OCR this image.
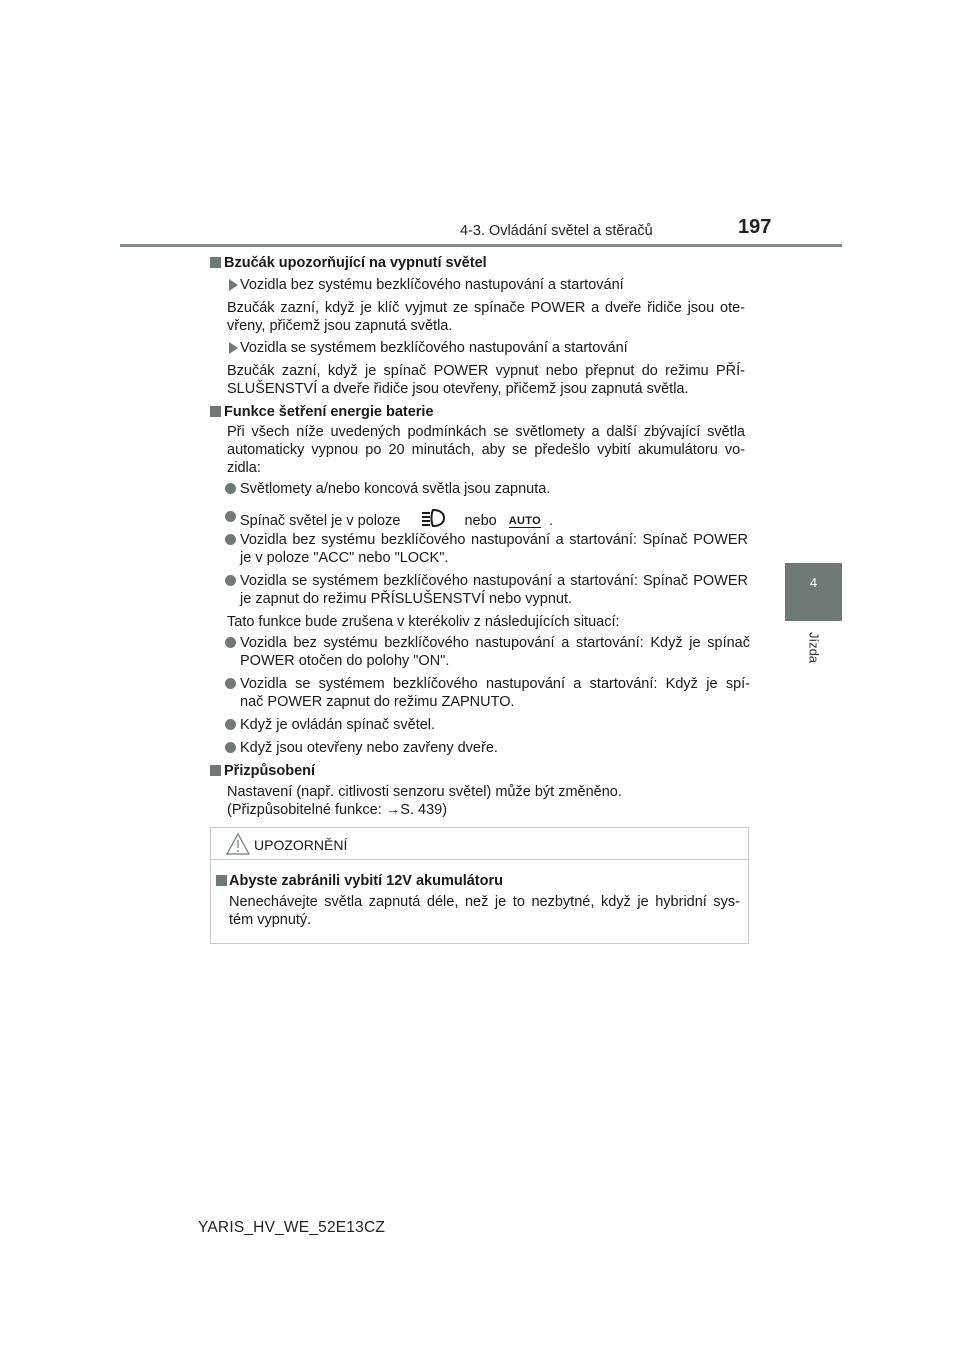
4-3. Ovládání světel a stěračů	197
4
Jízda
Bzučák upozorňující na vypnutí světel
Vozidla bez systému bezklíčového nastupování a startování
Bzučák zazní, když je klíč vyjmut ze spínače POWER a dveře řidiče jsou ote-
vřeny, přičemž jsou zapnutá světla.
Vozidla se systémem bezklíčového nastupování a startování
Bzučák zazní, když je spínač POWER vypnut nebo přepnut do režimu PŘÍ-
SLUŠENSTVÍ a dveře řidiče jsou otevřeny, přičemž jsou zapnutá světla.
Funkce šetření energie baterie
Při všech níže uvedených podmínkách se světlomety a další zbývající světla
automaticky vypnou po 20 minutách, aby se předešlo vybití akumulátoru vo-
zidla:
Světlomety a/nebo koncová světla jsou zapnuta.
Spínač světel je v poloze	nebo AUTO .
Vozidla bez systému bezklíčového nastupování a startování: Spínač POWER
je v poloze "ACC" nebo "LOCK".
Vozidla se systémem bezklíčového nastupování a startování: Spínač POWER
je zapnut do režimu PŘÍSLUŠENSTVÍ nebo vypnut.
Tato funkce bude zrušena v kterékoliv z následujících situací:
Vozidla bez systému bezklíčového nastupování a startování: Když je spínač
POWER otočen do polohy "ON".
Vozidla se systémem bezklíčového nastupování a startování: Když je spí-
nač POWER zapnut do režimu ZAPNUTO.
Když je ovládán spínač světel.
Když jsou otevřeny nebo zavřeny dveře.
Přizpůsobení
Nastavení (např. citlivosti senzoru světel) může být změněno.
(Přizpůsobitelné funkce: →S. 439)
UPOZORNĚNÍ
Abyste zabránili vybití 12V akumulátoru
Nenechávejte světla zapnutá déle, než je to nezbytné, když je hybridní sys-
tém vypnutý.
YARIS_HV_WE_52E13CZ
